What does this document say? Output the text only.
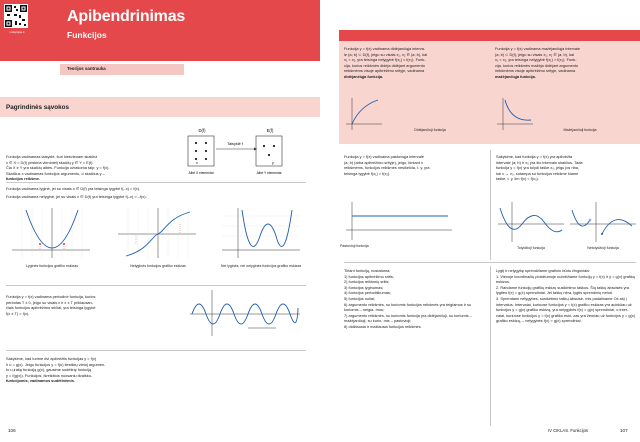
mokytojas.lt
Apibendrinimas
Funkcijos
Teorijos santrauka
Pagrindinės sąvokos
Funkcija vadinamas taisyklė, kuri kiekvienam skaičiui
x ∈ X = D(f) priskiria vienintelį skaičių y ∈ Y = E(f).
Čia X ir Y yra skaičių aibės. Funkcija užrašoma taip: y = f(x).
Skaičius x vadinamas funkcijos argumentu, o skaičius y –
funkcijos reikšme.
D(f)	E(f)
x	y
Taisyklė f
Aibė X elementai	Aibė Y elementai
Funkcija vadinama lyginė, jei su visais x ∈ D(f) yra teisinga lygybė f(–x) = f(x).
Funkcija vadinama nelyginė, jei su visais x ∈ D(f) yra teisinga lygybė f(–x) = –f(x).
Lyginės funkcijos grafiko eskizas	Nelyginės funkcijos grafiko eskizas	Nei lyginės, nei nelyginės funkcijos grafiko eskizas
Funkcija y = f(x) vadinama periodine funkcija, kurios
periodas T ≠ 0, jeigu su visais x ir x ± T priklausan-
čiais funkcijos apibrėžimo sričiai, yra teisinga lygybė
f(x ± T) = f(x).
Sakykime, kad turime dvi apibrėžtis funkcijas y = f(x)
ir u = g(x). Jeigu funkcijos y = f(u) tiesiškų vietoj argumen-
to u įrašę funkciją g(x), gausime sudėtinę funkciją
y = f(g(x)). Funkcijos, išreikštos nuosaniu išraiško-
funkcijomis, vadinamos sudėtinėmis.
106
Funkcija y = f(x) vadinama didėjančiąja interva-
le (a; b) ⊂ D(f), jeigu su visais x₁, x₂ ∈ (a; b), kai
x₁ < x₂, yra teisinga nelygybė f(x₁) < f(x₂). Funk-
cija, kurios reikšmės didėja didėjant argumento
reikšmėms visoje apibrėžimo srityje, vadinama
didėjančiąja funkcija.
Funkcija y = f(x) vadinama mažėjančiąja intervale
(a; b) ⊂ D(f), jeigu su visais x₁, x₂ ∈ (a; b), kai
x₁ < x₂, yra teisinga nelygybė f(x₁) > f(x₂). Funk-
cija, kurios reikšmės mažėja didėjant argumento
reikšmėms visoje apibrėžimo srityje, vadinama
mažėjančiąja funkcija.
Didėjančioji funkcija	Mažėjančioji funkcija
Funkcija y = f(x) vadinama pastoviąja intervale
(a; b) (arba apibrėžimo srityje), jeigu, kintant x
reikšmėms, funkcijos reikšmės nesikeičia, t. y. yra
teisinga lygybė f(x₁) = f(x₂).
Pastovioji funkcija
Sakykime, kad funkcija y = f(x) yra apibrėžta
intervale (a; b) ir x₀ yra šio intervalo skaičius. Tada
funkcija y = f(x) yra tolydi taške x₀, jeigu jos riba,
kai x → x₀, sutampa su funkcijos reikšme šiame
taške, t. y. lim f(x) = f(x₀).
Tolydžioji funkcija	Netolydžioji funkcija
Tiriant funkciją, nustatoma:
1) funkcijos apibrėžimo sritis;
2) funkcijos reikšmių sritis;
3) funkcijos lyginumas;
4) funkcijos periodiškumas;
5) funkcijos nuliai;
6) argumento reikšmės, su kuriomis funkcijos reikšmės yra teigiamos ir su kuriomis – neigia- mos;
7) argumento reikšmės, su kuriomis funkcija yra didėjančioji, su kuriomis – mažėjančioji, su kurio- mis – pastovioji;
8) didžiausia ir mažiausia funkcijos reikšmės.
Lygtį ir nelygybę sprendžiame grafiniu būdu žingsniais:
1. Vienoje koordinačių plokštumoje nubrėžiame funkcijų y = f(x) ir y = g(x) grafikų eskizus.
2. Randame funkcijų grafikų eskizų susikirtimo taškus. Šių taškų abscisės yra lygties f(x) = g(x) sprendiniai. Jei taškų nėra, lygtis sprendinių neturi.
3. Sprendami nelygybes, susikirtimo taškų abscisė- mis padaliname Ox ašį į intervalus. Intervalai, kuriuose funkcijos y = f(x) grafiko eskizas yra aukščiau už funkcijos y = g(x) grafiko eskizą, yra nelygybės f(x) > g(x) sprendiniai, o inter- valai, kuriuose funkcijos y = f(x) grafiko eski- zas yra žemiau už funkcijos y = g(x) grafiko eskizą, – nelygybės f(x) < g(x) sprendiniai.
IV CIKLAS. Funkcijos	107
